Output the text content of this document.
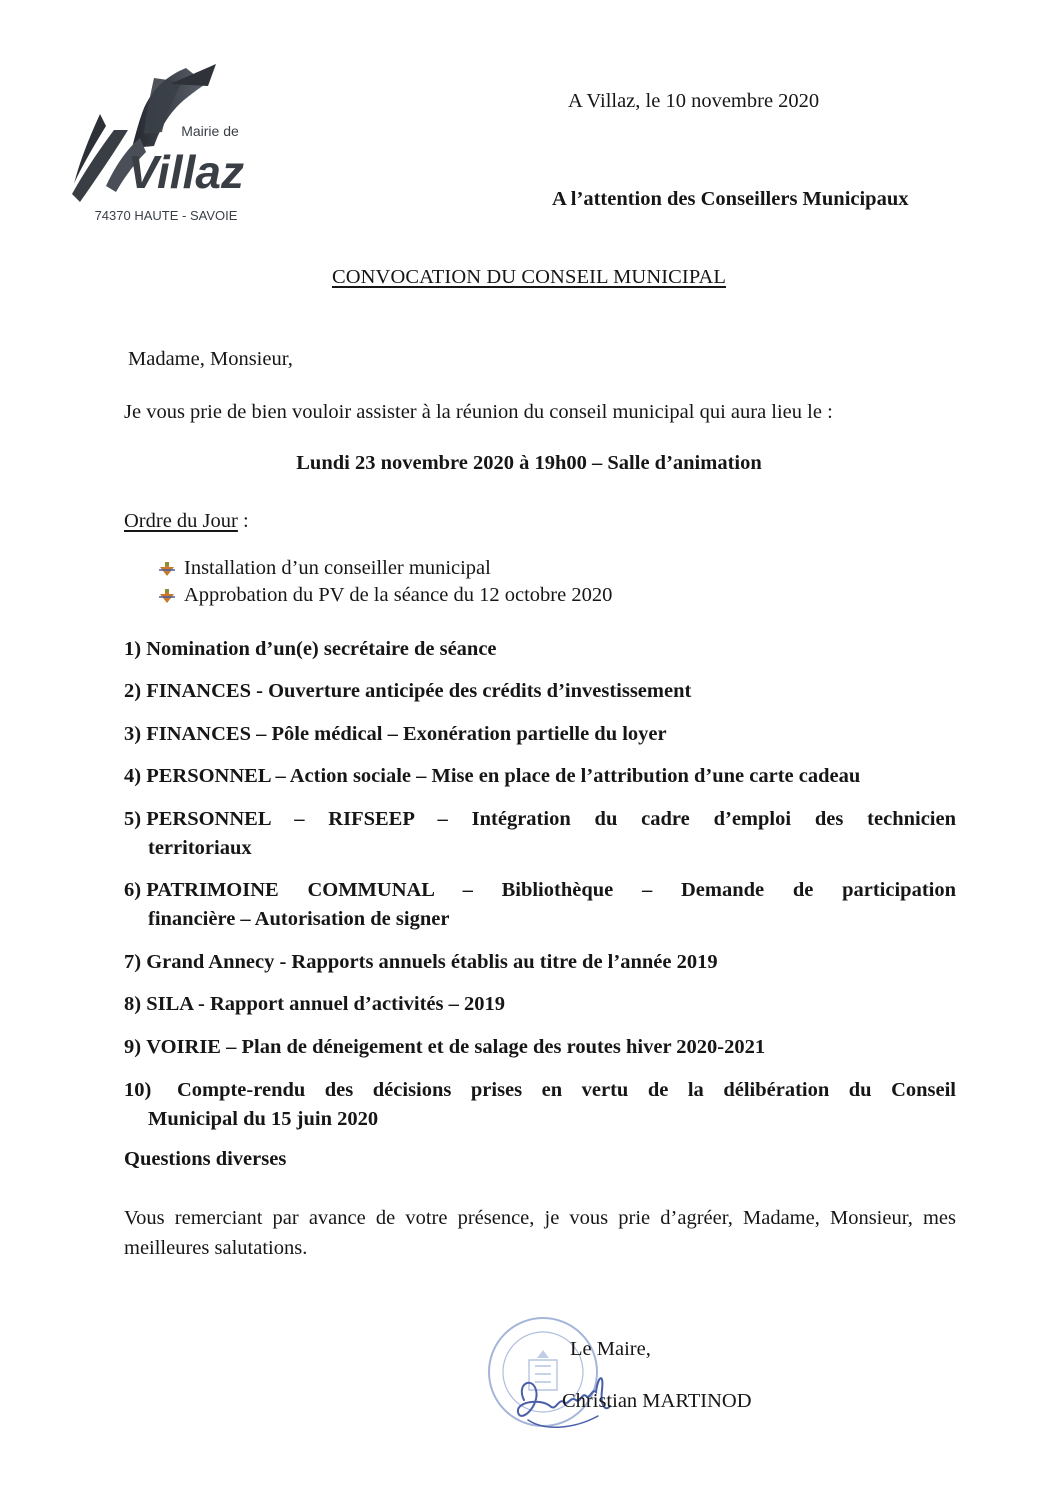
Mairie de
Villaz
74370 HAUTE - SAVOIE
A Villaz, le 10 novembre 2020
A l’attention des Conseillers Municipaux
CONVOCATION DU CONSEIL MUNICIPAL
Madame, Monsieur,
Je vous prie de bien vouloir assister à la réunion du conseil municipal qui aura lieu le :
Lundi 23 novembre 2020 à 19h00 – Salle d’animation
Ordre du Jour :
Installation d’un conseiller municipal
Approbation du PV de la séance du 12 octobre 2020
1) Nomination d’un(e) secrétaire de séance
2) FINANCES - Ouverture anticipée des crédits d’investissement
3) FINANCES – Pôle médical – Exonération partielle du loyer
4) PERSONNEL – Action sociale – Mise en place de l’attribution d’une carte cadeau
5) PERSONNEL – RIFSEEP – Intégration du cadre d’emploi des technicien
territoriaux
6) PATRIMOINE COMMUNAL – Bibliothèque – Demande de participation
financière – Autorisation de signer
7) Grand Annecy - Rapports annuels établis au titre de l’année 2019
8) SILA - Rapport annuel d’activités – 2019
9) VOIRIE – Plan de déneigement et de salage des routes hiver 2020-2021
10) Compte-rendu des décisions prises en vertu de la délibération du Conseil
Municipal du 15 juin 2020
Questions diverses
Vous remerciant par avance de votre présence, je vous prie d’agréer, Madame, Monsieur, mes meilleures salutations.
Le Maire,
Christian MARTINOD
